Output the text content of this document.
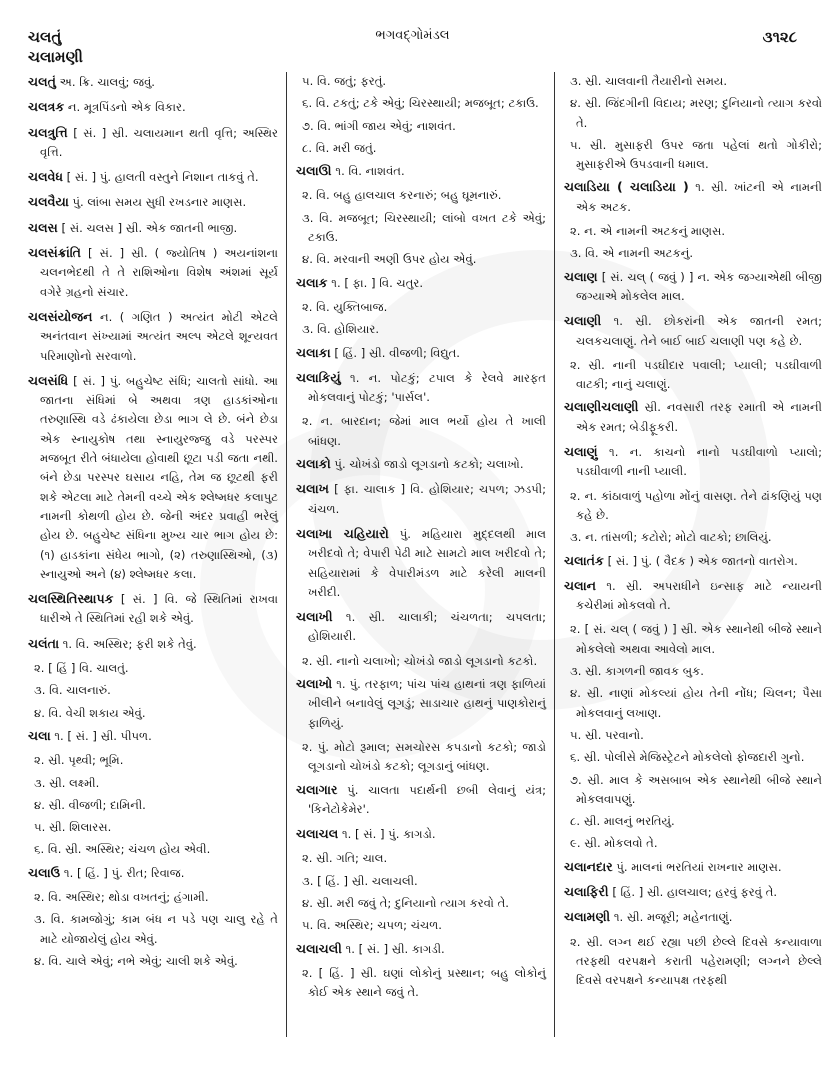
ચલતું
ચલામણી
ભગવદ્ગોમંડલ	૩૧૨૮
ચલતું અ. ક્રિ. ચાલવું; જવું.
ચલત્રક ન. મૂત્રપિંડનો એક વિકાર.
ચલત્રુત્તિ [ સં. ] સ્રી. ચલાયમાન થતી વૃત્તિ; અસ્થિર વૃત્તિ.
ચલવેધ [ સં. ] પું. હાલતી વસ્તુને નિશાન તાકવું તે.
ચલવૈયા પું. લાંબા સમય સુધી રખડનાર માણસ.
ચલસ [ સં. ચલસ ] સ્રી. એક જાતની ભાજી.
ચલસંક્રાંતિ [ સં. ] સ્રી. ( જ્યોતિષ ) અયનાંશના ચલનભેદથી તે તે રાશિઓના વિશેષ અંશમાં સૂર્ય વગેરે ગ્રહનો સંચાર.
ચલસંયોજન ન. ( ગણિત ) અત્યંત મોટી એટલે અનંતવાન સંખ્યામાં અત્યંત અલ્પ એટલે શૂન્યવત પરિમાણોનો સરવાળો.
ચલસંધિ [ સં. ] પું. બહુચેષ્ટ સંધિ; ચાલતો સાંધો. આ જાતના સંધિમાં બે અથવા ત્રણ હાડકાંઓના તરુણાસ્થિ વડે ઢંકાયેલા છેડા ભાગ લે છે. બંને છેડા એક સ્નાયુકોષ તથા સ્નાયુરજ્જુ વડે પરસ્પર મજબૂત રીતે બંધાયેલા હોવાથી છૂટા પડી જતા નથી. બંને છેડા પરસ્પર ઘસાય નહિ, તેમ જ છૂટથી ફરી શકે એટલા માટે તેમની વચ્ચે એક શ્લેષ્મધર કલાપુટ નામની કોથળી હોય છે. જેની અંદર પ્રવાહી ભરેલું હોય છે. બહુચેષ્ટ સંધિના મુખ્ય ચાર ભાગ હોય છે: (૧) હાડકાંના સંધેય ભાગો, (૨) તરુણાસ્થિઓ, (૩) સ્નાયુઓ અને (૪) શ્લેષ્મધર કલા.
ચલસ્થિતિસ્થાપક [ સં. ] વિ. જે સ્થિતિમાં રાખવા ધારીએ તે સ્થિતિમાં રહી શકે એવું.
ચલંતા ૧. વિ. અસ્થિર; ફરી શકે તેવું.
૨. [ હિં ] વિ. ચાલતું.
૩. વિ. ચાલનારું.
૪. વિ. વેચી શકાય એવું.
ચલા ૧. [ સં. ] સ્રી. પીપળ.
૨. સ્રી. પૃથ્વી; ભૂમિ.
૩. સ્રી. લક્ષ્મી.
૪. સ્રી. વીજળી; દામિની.
૫. સ્રી. શિલારસ.
૬. વિ. સ્રી. અસ્થિર; ચંચળ હોય એવી.
ચલાઉ ૧. [ હિં. ] પું. રીત; રિવાજ.
૨. વિ. અસ્થિર; થોડા વખતનું; હંગામી.
૩. વિ. કામજોગું; કામ બંધ ન પડે પણ ચાલુ રહે તે માટે યોજાયેલું હોય એવું.
૪. વિ. ચાલે એવું; નભે એવું; ચાલી શકે એવું.
૫. વિ. જતું; ફરતું.
૬. વિ. ટકતું; ટકે એવું; ચિરસ્થાયી; મજબૂત; ટકાઉ.
૭. વિ. ભાંગી જાય એવું; નાશવંત.
૮. વિ. મરી જતું.
ચલાઊ ૧. વિ. નાશવંત.
૨. વિ. બહુ હાલચાલ કરનારું; બહુ ઘૂમનારું.
૩. વિ. મજબૂત; ચિરસ્થાયી; લાંબો વખત ટકે એવું; ટકાઉ.
૪. વિ. મરવાની અણી ઉપર હોય એવું.
ચલાક ૧. [ ફા. ] વિ. ચતુર.
૨. વિ. યુક્તિબાજ.
૩. વિ. હોશિયાર.
ચલાકા [ હિં. ] સ્રી. વીજળી; વિદ્યુત.
ચલાકિયું ૧. ન. પોટકું; ટપાલ કે રેલવે મારફત મોકલવાનું પોટકું; 'પાર્સલ'.
૨. ન. બારદાન; જેમાં માલ ભર્યો હોય તે ખાલી બાંધણ.
ચલાકો પું. ચોખંડો જાડો લૂગડાનો કટકો; ચલાખો.
ચલાખ [ ફા. ચાલાક ] વિ. હોશિયાર; ચપળ; ઝડપી; ચંચળ.
ચલાખા ચહિયારો પું. મહિયારા મુદ્દલથી માલ ખરીદવો તે; વેપારી પેઢી માટે સામટો માલ ખરીદવો તે; સહિયારામાં કે વેપારીમંડળ માટે કરેલી માલની ખરીદી.
ચલાખી ૧. સ્રી. ચાલાકી; ચંચળતા; ચપલતા; હોશિયારી.
૨. સ્રી. નાનો ચલાખો; ચોખંડો જાડો લૂગડાનો કટકો.
ચલાખો ૧. પું. તરફાળ; પાંચ પાંચ હાથનાં ત્રણ ફાળિયાં ખીલીને બનાવેલું લૂગડું; સાડાચાર હાથનું પાણકોરાનું ફાળિયું.
૨. પું. મોટો રૂમાલ; સમચોરસ કપડાનો કટકો; જાડો લૂગડાનો ચોખંડો કટકો; લૂગડાનું બાંધણ.
ચલાગાર પું. ચાલતા પદાર્થની છબી લેવાનું યંત્ર; 'કિનેટોકેમેર'.
ચલાચલ ૧. [ સં. ] પું. કાગડો.
૨. સ્રી. ગતિ; ચાલ.
૩. [ હિં. ] સ્રી. ચલાચલી.
૪. સ્રી. મરી જવું તે; દુનિયાનો ત્યાગ કરવો તે.
૫. વિ. અસ્થિર; ચપળ; ચંચળ.
ચલાચલી ૧. [ સં. ] સ્રી. કાગડી.
૨. [ હિં. ] સ્રી. ઘણાં લોકોનું પ્રસ્થાન; બહુ લોકોનું કોઈ એક સ્થાને જવું તે.
૩. સ્રી. ચાલવાની તૈયારીનો સમય.
૪. સ્રી. જિંદગીની વિદાય; મરણ; દુનિયાનો ત્યાગ કરવો તે.
૫. સ્રી. મુસાફરી ઉપર જતા પહેલાં થતો ગોકીરો; મુસાફરીએ ઉપડવાની ધમાલ.
ચલાડિયા ( ચલાડિયા ) ૧. સ્રી. ખાંટની એ નામની એક અટક.
૨. ન. એ નામની અટકનું માણસ.
૩. વિ. એ નામની અટકનું.
ચલાણ [ સં. ચલ્ ( જવું ) ] ન. એક જગ્યાએથી બીજી જગ્યાએ મોકલેલ માલ.
ચલાણી ૧. સ્રી. છોકરાંની એક જાતની રમત; ચલકચલાણું. તેને બાઈ બાઈ ચલાણી પણ કહે છે.
૨. સ્રી. નાની પડઘીદાર પવાલી; પ્યાલી; પડઘીવાળી વાટકી; નાનું ચલાણું.
ચલાણીચલાણી સ્રી. નવસારી તરફ રમાતી એ નામની એક રમત; બેડીફૂકરી.
ચલાણું ૧. ન. કાચનો નાનો પડઘીવાળો પ્યાલો; પડઘીવાળી નાની પ્યાલી.
૨. ન. કાંઠાવાળું પહોળા મોંનું વાસણ. તેને ઢાંકણિયું પણ કહે છે.
૩. ન. તાંસળી; કટોરો; મોટો વાટકો; છાલિયું.
ચલાતંક [ સં. ] પું. ( વૈદક ) એક જાતનો વાતરોગ.
ચલાન ૧. સ્રી. અપરાધીને ઇન્સાફ માટે ન્યાયની કચેરીમાં મોકલવો તે.
૨. [ સં. ચલ્ ( જવું ) ] સ્રી. એક સ્થાનેથી બીજે સ્થાને મોકલેલો અથવા આવેલો માલ.
૩. સ્રી. કાગળની જાવક બુક.
૪. સ્રી. નાણાં મોકલ્યાં હોય તેની નોંધ; ચિલન; પૈસા મોકલવાનું લખાણ.
૫. સ્રી. પરવાનો.
૬. સ્રી. પોલીસે મેજિસ્ટ્રેટને મોકલેલો ફોજદારી ગુનો.
૭. સ્રી. માલ કે અસબાબ એક સ્થાનેથી બીજે સ્થાને મોકલવાપણું.
૮. સ્રી. માલનું ભરતિયું.
૯. સ્રી. મોકલવો તે.
ચલાનદાર પું. માલનાં ભરતિયાં રાખનાર માણસ.
ચલાફિરી [ હિં. ] સ્રી. હાલચાલ; હરવું ફરવું તે.
ચલામણી ૧. સ્રી. મજૂરી; મહેનતાણું.
૨. સ્રી. લગ્ન થઈ રહ્યા પછી છેલ્લે દિવસે કન્યાવાળા તરફથી વરપક્ષને કરાતી પહેરામણી; લગ્નને છેલ્લે દિવસે વરપક્ષને કન્યાપક્ષ તરફથી
